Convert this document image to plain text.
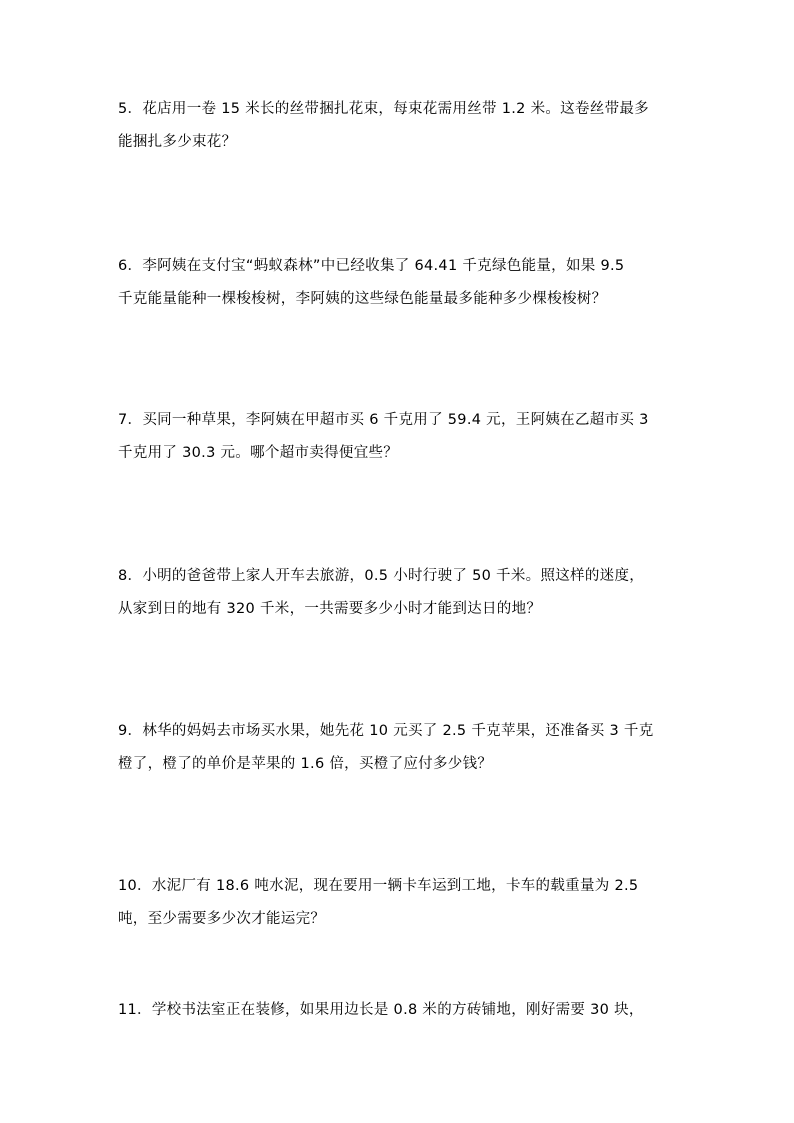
5．花店用一卷 15 米长的丝带捆扎花束，每束花需用丝带 1.2 米。这卷丝带最多
能捆扎多少束花？

6．李阿姨在支付宝“蚂蚁森林”中已经收集了 64.41 千克绿色能量，如果 9.5
千克能量能种一棵梭梭树，李阿姨的这些绿色能量最多能种多少棵梭梭树？

7．买同一种草果，李阿姨在甲超市买 6 千克用了 59.4 元，王阿姨在乙超市买 3
千克用了 30.3 元。哪个超市卖得便宜些？

8．小明的爸爸带上家人开车去旅游，0.5 小时行驶了 50 千米。照这样的迷度，
从家到日的地有 320 千米，一共需要多少小时才能到达日的地？

9．林华的妈妈去市场买水果，她先花 10 元买了 2.5 千克苹果，还准备买 3 千克
橙了，橙了的单价是苹果的 1.6 倍，买橙了应付多少钱？

10．水泥厂有 18.6 吨水泥，现在要用一辆卡车运到工地，卡车的载重量为 2.5
吨，至少需要多少次才能运完？

11．学校书法室正在装修，如果用边长是 0.8 米的方砖铺地，刚好需要 30 块，
